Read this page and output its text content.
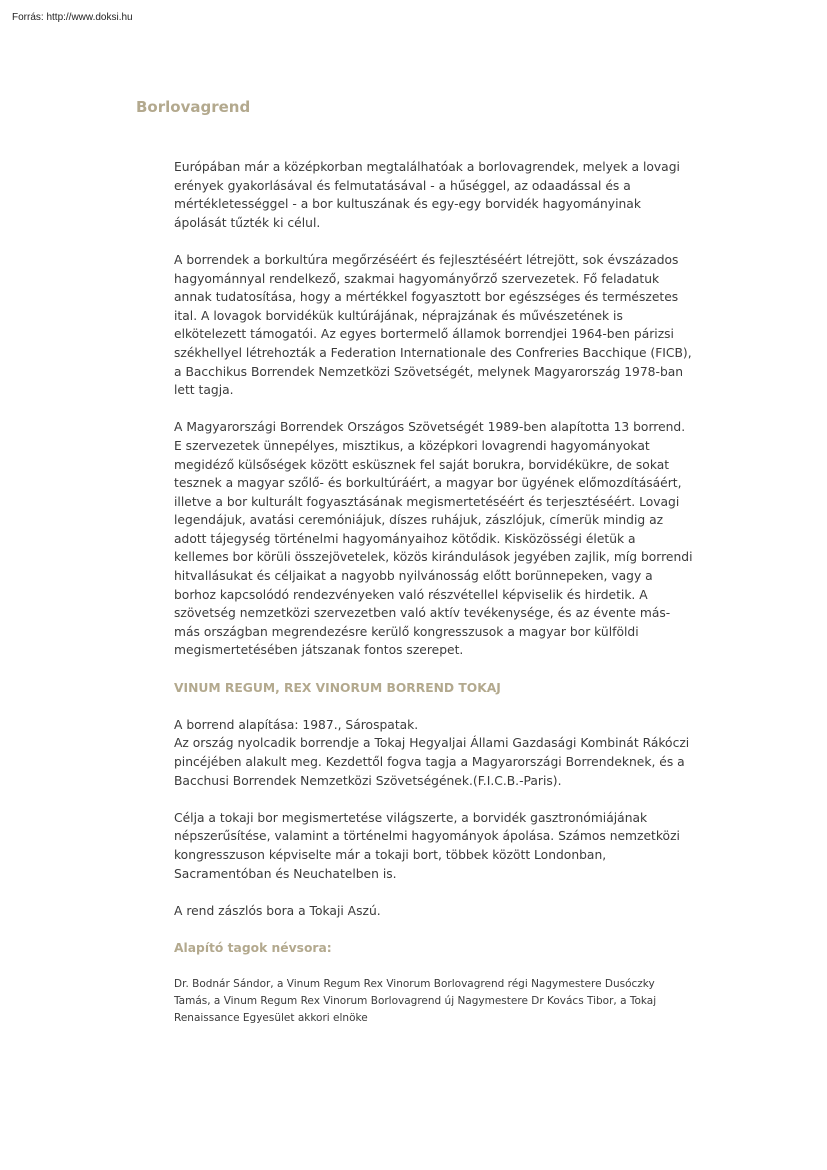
Forrás: http://www.doksi.hu
Borlovagrend

Európában már a középkorban megtalálhatóak a borlovagrendek, melyek a lovagi erények gyakorlásával és felmutatásával - a hűséggel, az odaadással és a mértékletességgel - a bor kultuszának és egy-egy borvidék hagyományinak ápolását tűzték ki célul.

A borrendek a borkultúra megőrzéséért és fejlesztéséért létrejött, sok évszázados hagyománnyal rendelkező, szakmai hagyományőrző szervezetek. Fő feladatuk annak tudatosítása, hogy a mértékkel fogyasztott bor egészséges és természetes ital. A lovagok borvidékük kultúrájának, néprajzának és művészetének is elkötelezett támogatói. Az egyes bortermelő államok borrendjei 1964-ben párizsi székhellyel létrehozták a Federation Internationale des Confreries Bacchique (FICB), a Bacchikus Borrendek Nemzetközi Szövetségét, melynek Magyarország 1978-ban lett tagja.

A Magyarországi Borrendek Országos Szövetségét 1989-ben alapította 13 borrend. E szervezetek ünnepélyes, misztikus, a középkori lovagrendi hagyományokat megidéző külsőségek között esküsznek fel saját borukra, borvidékükre, de sokat tesznek a magyar szőlő- és borkultúráért, a magyar bor ügyének előmozdításáért, illetve a bor kulturált fogyasztásának megismertetéséért és terjesztéséért. Lovagi legendájuk, avatási ceremóniájuk, díszes ruhájuk, zászlójuk, címerük mindig az adott tájegység történelmi hagyományaihoz kötődik. Kisközösségi életük a kellemes bor körüli összejövetelek, közös kirándulások jegyében zajlik, míg borrendi hitvallásukat és céljaikat a nagyobb nyilvánosság előtt borünnepeken, vagy a borhoz kapcsolódó rendezvényeken való részvétellel képviselik és hirdetik. A szövetség nemzetközi szervezetben való aktív tevékenysége, és az évente más-más országban megrendezésre kerülő kongresszusok a magyar bor külföldi megismertetésében játszanak fontos szerepet.

VINUM REGUM, REX VINORUM BORREND TOKAJ

A borrend alapítása: 1987., Sárospatak.
Az ország nyolcadik borrendje a Tokaj Hegyaljai Állami Gazdasági Kombinát Rákóczi pincéjében alakult meg. Kezdettől fogva tagja a Magyarországi Borrendeknek, és a Bacchusi Borrendek Nemzetközi Szövetségének.(F.I.C.B.-Paris).

Célja a tokaji bor megismertetése világszerte, a borvidék gasztronómiájának népszerűsítése, valamint a történelmi hagyományok ápolása. Számos nemzetközi kongresszuson képviselte már a tokaji bort, többek között Londonban, Sacramentóban és Neuchatelben is.

A rend zászlós bora a Tokaji Aszú.

Alapító tagok névsora:

Dr. Bodnár Sándor, a Vinum Regum Rex Vinorum Borlovagrend régi Nagymestere Dusóczky Tamás, a Vinum Regum Rex Vinorum Borlovagrend új Nagymestere Dr Kovács Tibor, a Tokaj Renaissance Egyesület akkori elnöke
